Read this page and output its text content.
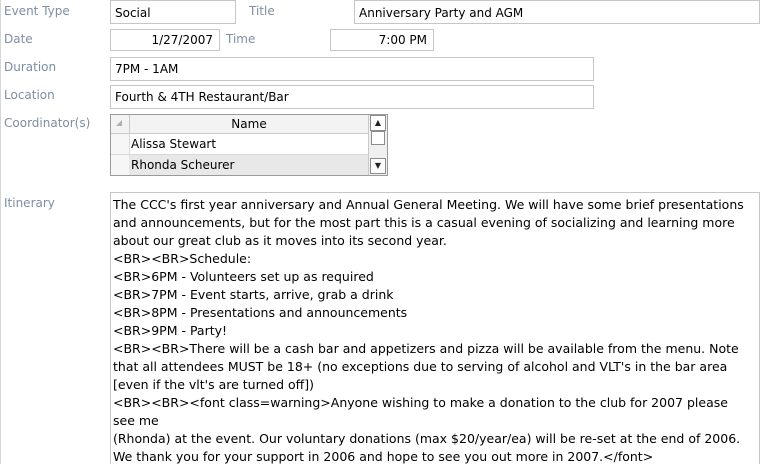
Event Type	Social	Title	Anniversary Party and AGM
Date	1/27/2007	Time	7:00 PM
Duration	7PM - 1AM
Location	Fourth & 4TH Restaurant/Bar
Coordinator(s)	Name
Alissa Stewart
Rhonda Scheurer
▲
▼
Itinerary	The CCC's first year anniversary and Annual General Meeting. We will have some brief presentations

and announcements, but for the most part this is a casual evening of socializing and learning more

about our great club as it moves into its second year.

<BR><BR>Schedule:

<BR>6PM - Volunteers set up as required

<BR>7PM - Event starts, arrive, grab a drink

<BR>8PM - Presentations and announcements

<BR>9PM - Party!

<BR><BR>There will be a cash bar and appetizers and pizza will be available from the menu. Note

that all attendees MUST be 18+ (no exceptions due to serving of alcohol and VLT's in the bar area

[even if the vlt's are turned off])

<BR><BR><font class=warning>Anyone wishing to make a donation to the club for 2007 please see me

(Rhonda) at the event. Our voluntary donations (max $20/year/ea) will be re-set at the end of 2006.

We thank you for your support in 2006 and hope to see you out more in 2007.</font>
